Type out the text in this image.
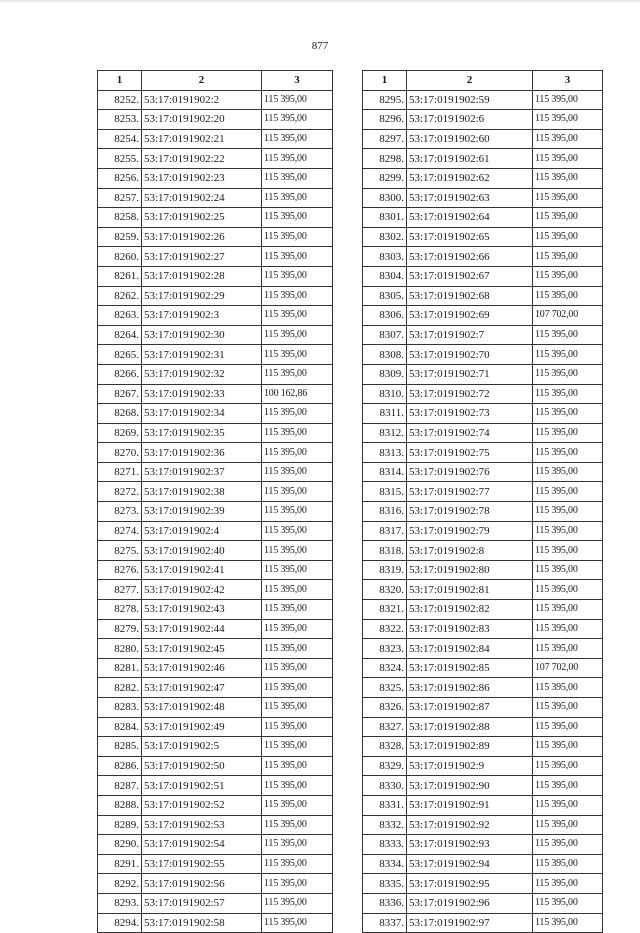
877
1	2	3
8252.	53:17:0191902:2	115 395,00
8253.	53:17:0191902:20	115 395,00
8254.	53:17:0191902:21	115 395,00
8255.	53:17:0191902:22	115 395,00
8256.	53:17:0191902:23	115 395,00
8257.	53:17:0191902:24	115 395,00
8258.	53:17:0191902:25	115 395,00
8259.	53:17:0191902:26	115 395,00
8260.	53:17:0191902:27	115 395,00
8261.	53:17:0191902:28	115 395,00
8262.	53:17:0191902:29	115 395,00
8263.	53:17:0191902:3	115 395,00
8264.	53:17:0191902:30	115 395,00
8265.	53:17:0191902:31	115 395,00
8266.	53:17:0191902:32	115 395,00
8267.	53:17:0191902:33	100 162,86
8268.	53:17:0191902:34	115 395,00
8269.	53:17:0191902:35	115 395,00
8270.	53:17:0191902:36	115 395,00
8271.	53:17:0191902:37	115 395,00
8272.	53:17:0191902:38	115 395,00
8273.	53:17:0191902:39	115 395,00
8274.	53:17:0191902:4	115 395,00
8275.	53:17:0191902:40	115 395,00
8276.	53:17:0191902:41	115 395,00
8277.	53:17:0191902:42	115 395,00
8278.	53:17:0191902:43	115 395,00
8279.	53:17:0191902:44	115 395,00
8280.	53:17:0191902:45	115 395,00
8281.	53:17:0191902:46	115 395,00
8282.	53:17:0191902:47	115 395,00
8283.	53:17:0191902:48	115 395,00
8284.	53:17:0191902:49	115 395,00
8285.	53:17:0191902:5	115 395,00
8286.	53:17:0191902:50	115 395,00
8287.	53:17:0191902:51	115 395,00
8288.	53:17:0191902:52	115 395,00
8289.	53:17:0191902:53	115 395,00
8290.	53:17:0191902:54	115 395,00
8291.	53:17:0191902:55	115 395,00
8292.	53:17:0191902:56	115 395,00
8293.	53:17:0191902:57	115 395,00
8294.	53:17:0191902:58	115 395,00
1	2	3
8295.	53:17:0191902:59	115 395,00
8296.	53:17:0191902:6	115 395,00
8297.	53:17:0191902:60	115 395,00
8298.	53:17:0191902:61	115 395,00
8299.	53:17:0191902:62	115 395,00
8300.	53:17:0191902:63	115 395,00
8301.	53:17:0191902:64	115 395,00
8302.	53:17:0191902:65	115 395,00
8303.	53:17:0191902:66	115 395,00
8304.	53:17:0191902:67	115 395,00
8305.	53:17:0191902:68	115 395,00
8306.	53:17:0191902:69	107 702,00
8307.	53:17:0191902:7	115 395,00
8308.	53:17:0191902:70	115 395,00
8309.	53:17:0191902:71	115 395,00
8310.	53:17:0191902:72	115 395,00
8311.	53:17:0191902:73	115 395,00
8312.	53:17:0191902:74	115 395,00
8313.	53:17:0191902:75	115 395,00
8314.	53:17:0191902:76	115 395,00
8315.	53:17:0191902:77	115 395,00
8316.	53:17:0191902:78	115 395,00
8317.	53:17:0191902:79	115 395,00
8318.	53:17:0191902:8	115 395,00
8319.	53:17:0191902:80	115 395,00
8320.	53:17:0191902:81	115 395,00
8321.	53:17:0191902:82	115 395,00
8322.	53:17:0191902:83	115 395,00
8323.	53:17:0191902:84	115 395,00
8324.	53:17:0191902:85	107 702,00
8325.	53:17:0191902:86	115 395,00
8326.	53:17:0191902:87	115 395,00
8327.	53:17:0191902:88	115 395,00
8328.	53:17:0191902:89	115 395,00
8329.	53:17:0191902:9	115 395,00
8330.	53:17:0191902:90	115 395,00
8331.	53:17:0191902:91	115 395,00
8332.	53:17:0191902:92	115 395,00
8333.	53:17:0191902:93	115 395,00
8334.	53:17:0191902:94	115 395,00
8335.	53:17:0191902:95	115 395,00
8336.	53:17:0191902:96	115 395,00
8337.	53:17:0191902:97	115 395,00
